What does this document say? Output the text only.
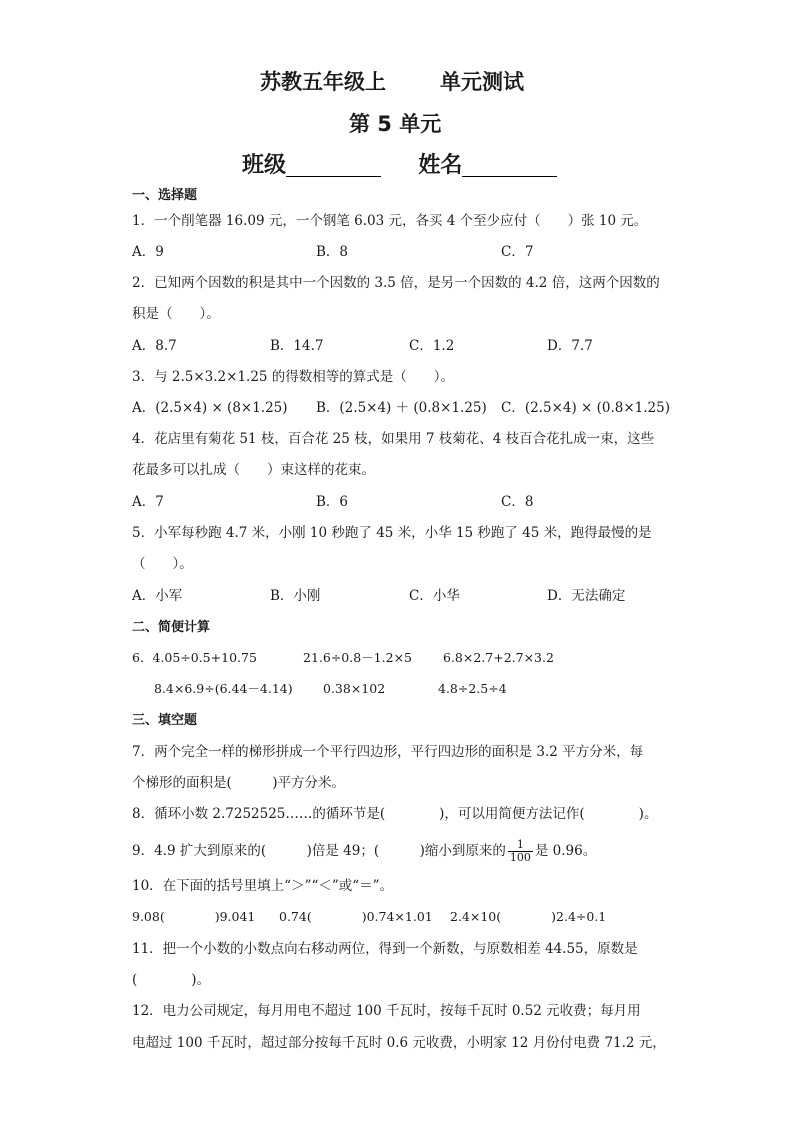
苏教五年级上	单元测试
第 5 单元
班级	姓名
一、选择题
1．一个削笔器 16.09 元，一个钢笔 6.03 元，各买 4 个至少应付（　　）张 10 元。
A．9	B．8	C．7
2．已知两个因数的积是其中一个因数的 3.5 倍，是另一个因数的 4.2 倍，这两个因数的
积是（　　）。
A．8.7	B．14.7	C．1.2	D．7.7
3．与 2.5×3.2×1.25 的得数相等的算式是（　　）。
A．(2.5×4) × (8×1.25) B．(2.5×4) ＋ (0.8×1.25) C．(2.5×4) × (0.8×1.25)
4．花店里有菊花 51 枝，百合花 25 枝，如果用 7 枝菊花、4 枝百合花扎成一束，这些
花最多可以扎成（　　）束这样的花束。
A．7	B．6	C．8
5．小军每秒跑 4.7 米，小刚 10 秒跑了 45 米，小华 15 秒跑了 45 米，跑得最慢的是
（　　）。
A．小军	B．小刚	C．小华	D．无法确定
二、简便计算
6．4.05÷0.5+10.75	21.6÷0.8－1.2×5 6.8×2.7+2.7×3.2
8.4×6.9÷(6.44－4.14) 0.38×102	4.8÷2.5÷4
三、填空题
7．两个完全一样的梯形拼成一个平行四边形，平行四边形的面积是 3.2 平方分米，每
个梯形的面积是(　　　)平方分米。
8．循环小数 2.7252525……的循环节是(　　　　)，可以用简便方法记作(　　　　)。
9．4.9 扩大到原来的(　　　)倍是 49；(　　　)缩小到原来的 $\frac{1}{100}$ 是 0.96。
10．在下面的括号里填上“＞”“＜”或“＝”。
9.08(　　　　)9.041 0.74(　　　　)0.74×1.01 2.4×10(　　　　)2.4÷0.1
11．把一个小数的小数点向右移动两位，得到一个新数，与原数相差 44.55，原数是
(　　　　)。
12．电力公司规定，每月用电不超过 100 千瓦时，按每千瓦时 0.52 元收费；每月用
电超过 100 千瓦时，超过部分按每千瓦时 0.6 元收费，小明家 12 月份付电费 71.2 元，
